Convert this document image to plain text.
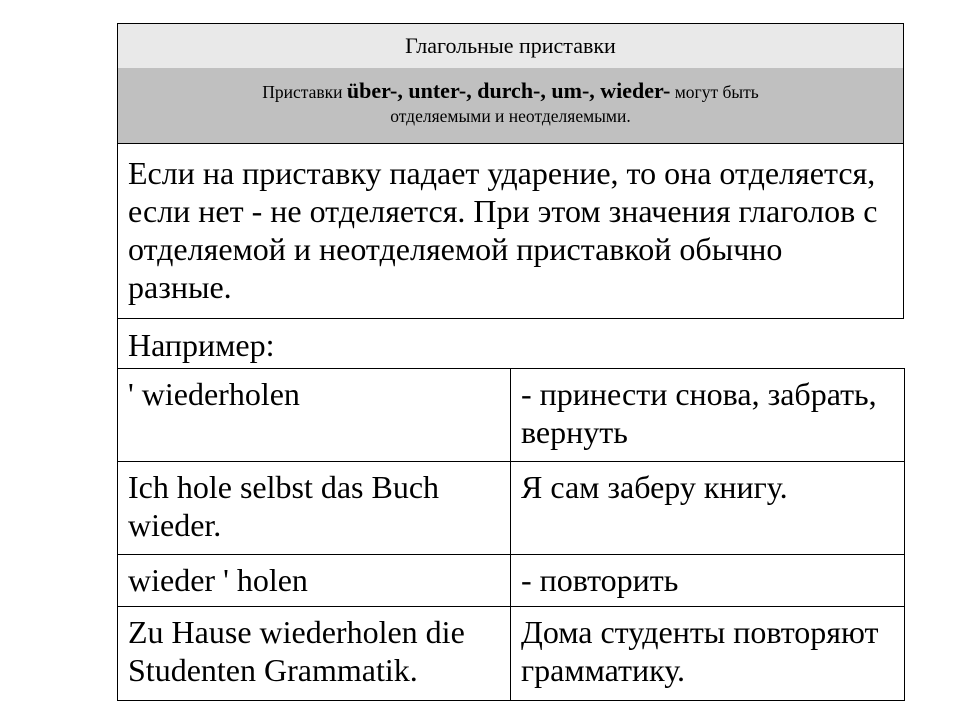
Глагольные приставки
Приставки über-, unter-, durch-, um-, wieder- могут быть
отделяемыми и неотделяемыми.
Если на приставку падает ударение, то она отделяется, если нет - не отделяется. При этом значения глаголов с отделяемой и неотделяемой приставкой обычно разные.
Например:
' wiederholen	- принести снова, забрать, вернуть
Ich hole selbst das Buch wieder.	Я сам заберу книгу.
wieder ' holen	- повторить
Zu Hause wiederholen die Studenten Grammatik.	Дома студенты повторяют грамматику.
